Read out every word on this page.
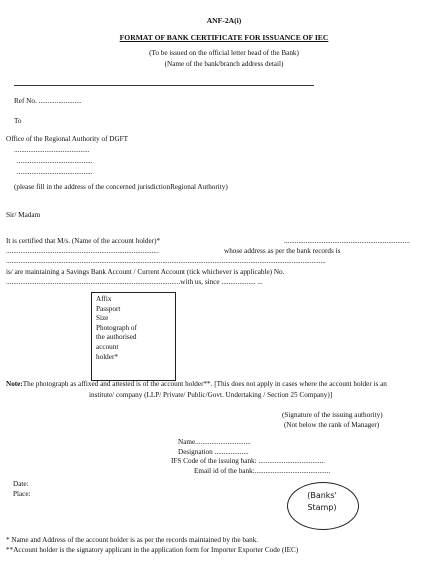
ANF-2A(i)
FORMAT OF BANK CERTIFICATE FOR ISSUANCE OF IEC
(To be issued on the official letter head of the Bank)
(Name of the bank/branch address detail)
Ref No. ........................
To
Office of the Regional Authority of DGFT
..........................................
..........................................
..........................................
(please fill in the address of the concerned jurisdictionRegional Authority)
Sir/ Madam
It is certified that M/s. (Name of the account holder)*	......................................................................
.....................................................................................	whose address as per the bank records is
..................................................................................................................................................................................
is/ are maintaining a Savings Bank Account / Current Account (tick whichever is applicable) No.
.................................................................................................with us, since ................... ...
Affix
Passport
Size
Photograph of
the authorised
account
holder*
Note:The photograph as affixed and attested is of the account holder**. [This does not apply in cases where the account holder is an
institute/ company (LLP/ Private/ Public/Govt. Undertaking / Section 25 Company)]
(Signature of the issuing authority)
(Not below the rank of Manager)
Name...............................
Designation ...................
IFS Code of the issuing bank: .....................................
Email id of the bank:..........................................
Date:
Place:	(Banks'
Stamp)
* Name and Address of the account holder is as per the records maintained by the bank.
**Account holder is the signatory applicant in the application form for Importer Exporter Code (IEC)
